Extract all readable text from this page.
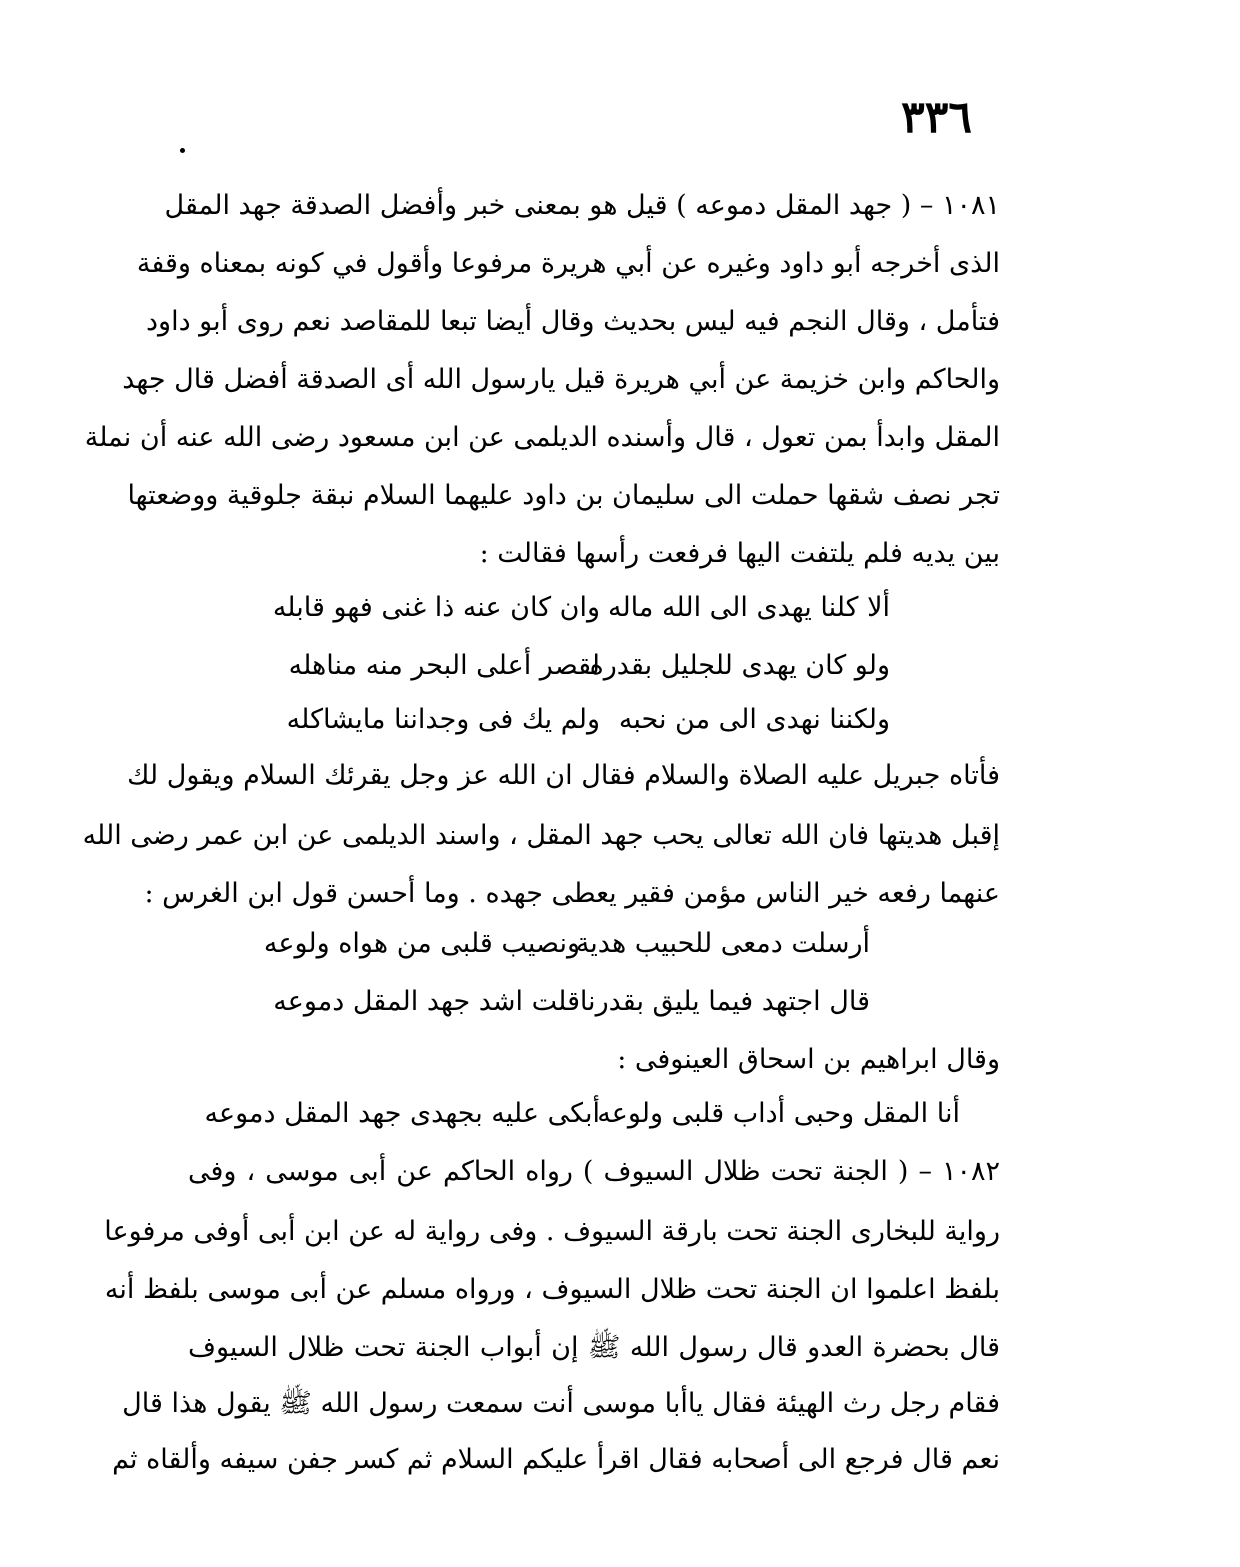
٣٣٦
١٠٨١ – ( جهد المقل دموعه ) قيل هو بمعنى خبر وأفضل الصدقة جهد المقل
الذى أخرجه أبو داود وغيره عن أبي هريرة مرفوعا وأقول في كونه بمعناه وقفة
فتأمل ، وقال النجم فيه ليس بحديث وقال أيضا تبعا للمقاصد نعم روى أبو داود
والحاكم وابن خزيمة عن أبي هريرة قيل يارسول الله أى الصدقة أفضل قال جهد
المقل وابدأ بمن تعول ، قال وأسنده الديلمى عن ابن مسعود رضى الله عنه أن نملة
تجر نصف شقها حملت الى سليمان بن داود عليهما السلام نبقة جلوقية ووضعتها
بين يديه فلم يلتفت اليها فرفعت رأسها فقالت :
ألا كلنا يهدى الى الله ماله
وان كان عنه ذا غنى فهو قابله
ولو كان يهدى للجليل بقدره
لقصر أعلى البحر منه مناهله
ولكننا نهدى الى من نحبه
ولم يك فى وجداننا مايشاكله
فأتاه جبريل عليه الصلاة والسلام فقال ان الله عز وجل يقرئك السلام ويقول لك
إقبل هديتها فان الله تعالى يحب جهد المقل ، واسند الديلمى عن ابن عمر رضى الله
عنهما رفعه خير الناس مؤمن فقير يعطى جهده . وما أحسن قول ابن الغرس :
أرسلت دمعى للحبيب هدية
ونصيب قلبى من هواه ولوعه
قال اجتهد فيما يليق بقدرنا
قلت اشد جهد المقل دموعه
وقال ابراهيم بن اسحاق العينوفى :
أنا المقل وحبى أداب قلبى ولوعه
أبكى عليه بجهدى جهد المقل دموعه
١٠٨٢ – ( الجنة تحت ظلال السيوف ) رواه الحاكم عن أبى موسى ، وفى
رواية للبخارى الجنة تحت بارقة السيوف . وفى رواية له عن ابن أبى أوفى مرفوعا
بلفظ اعلموا ان الجنة تحت ظلال السيوف ، ورواه مسلم عن أبى موسى بلفظ أنه
قال بحضرة العدو قال رسول الله ﷺ إن أبواب الجنة تحت ظلال السيوف
فقام رجل رث الهيئة فقال ياأبا موسى أنت سمعت رسول الله ﷺ يقول هذا قال
نعم قال فرجع الى أصحابه فقال اقرأ عليكم السلام ثم كسر جفن سيفه وألقاه ثم
